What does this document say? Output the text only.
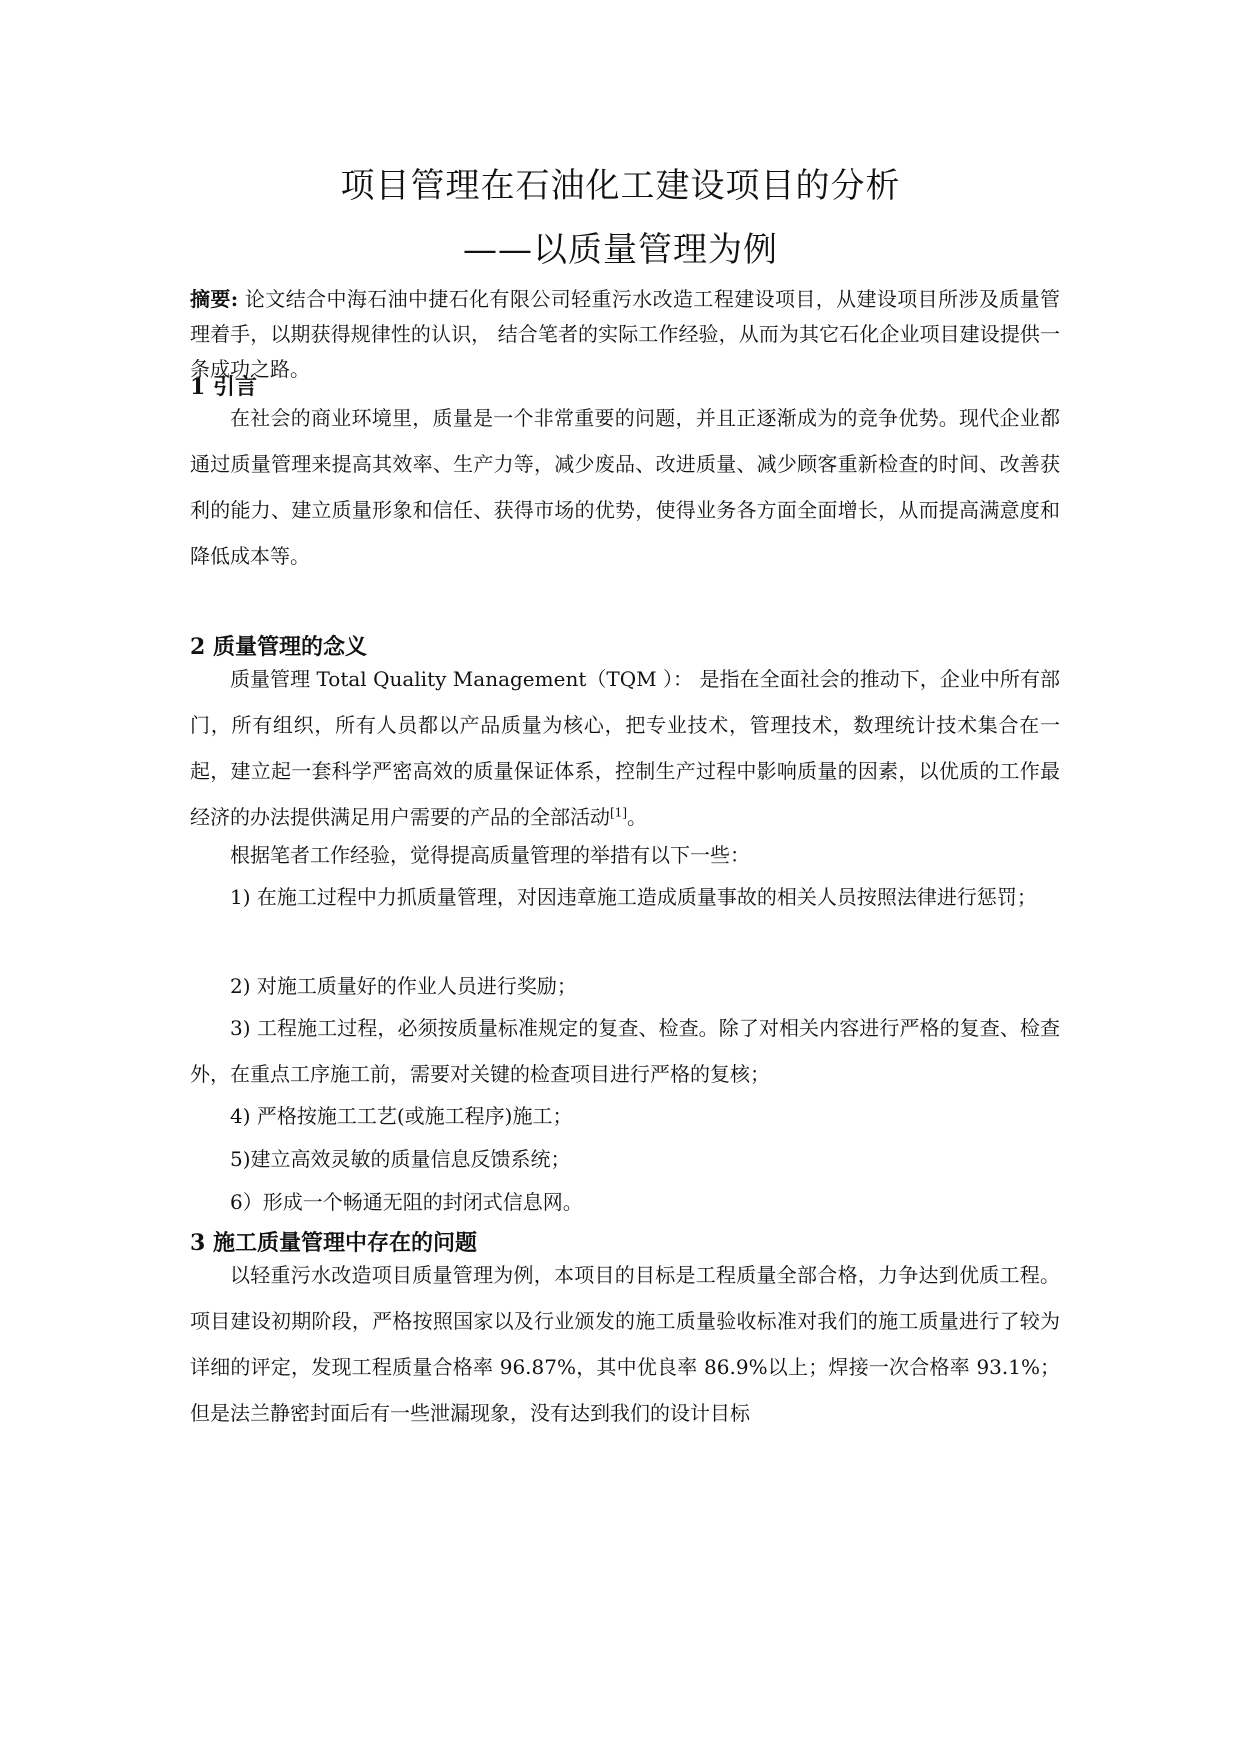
项目管理在石油化工建设项目的分析
——以质量管理为例
摘要: 论文结合中海石油中捷石化有限公司轻重污水改造工程建设项目，从建设项目所涉及质量管理着手，以期获得规律性的认识， 结合笔者的实际工作经验，从而为其它石化企业项目建设提供一条成功之路。
1 引言
在社会的商业环境里，质量是一个非常重要的问题，并且正逐渐成为的竞争优势。现代企业都通过质量管理来提高其效率、生产力等，减少废品、改进质量、减少顾客重新检查的时间、改善获利的能力、建立质量形象和信任、获得市场的优势，使得业务各方面全面增长，从而提高满意度和降低成本等。
2 质量管理的念义
质量管理 Total Quality Management（TQM ）： 是指在全面社会的推动下，企业中所有部门，所有组织，所有人员都以产品质量为核心，把专业技术，管理技术，数理统计技术集合在一起，建立起一套科学严密高效的质量保证体系，控制生产过程中影响质量的因素，以优质的工作最经济的办法提供满足用户需要的产品的全部活动[1]。
根据笔者工作经验，觉得提高质量管理的举措有以下一些：
1) 在施工过程中力抓质量管理，对因违章施工造成质量事故的相关人员按照法律进行惩罚；
2) 对施工质量好的作业人员进行奖励；
3) 工程施工过程，必须按质量标准规定的复查、检查。除了对相关内容进行严格的复查、检查外，在重点工序施工前，需要对关键的检查项目进行严格的复核；
4) 严格按施工工艺(或施工程序)施工；
5)建立高效灵敏的质量信息反馈系统；
6）形成一个畅通无阻的封闭式信息网。
3 施工质量管理中存在的问题
以轻重污水改造项目质量管理为例，本项目的目标是工程质量全部合格，力争达到优质工程。项目建设初期阶段，严格按照国家以及行业颁发的施工质量验收标准对我们的施工质量进行了较为详细的评定，发现工程质量合格率 96.87%，其中优良率 86.9%以上；焊接一次合格率 93.1%；但是法兰静密封面后有一些泄漏现象，没有达到我们的设计目标
